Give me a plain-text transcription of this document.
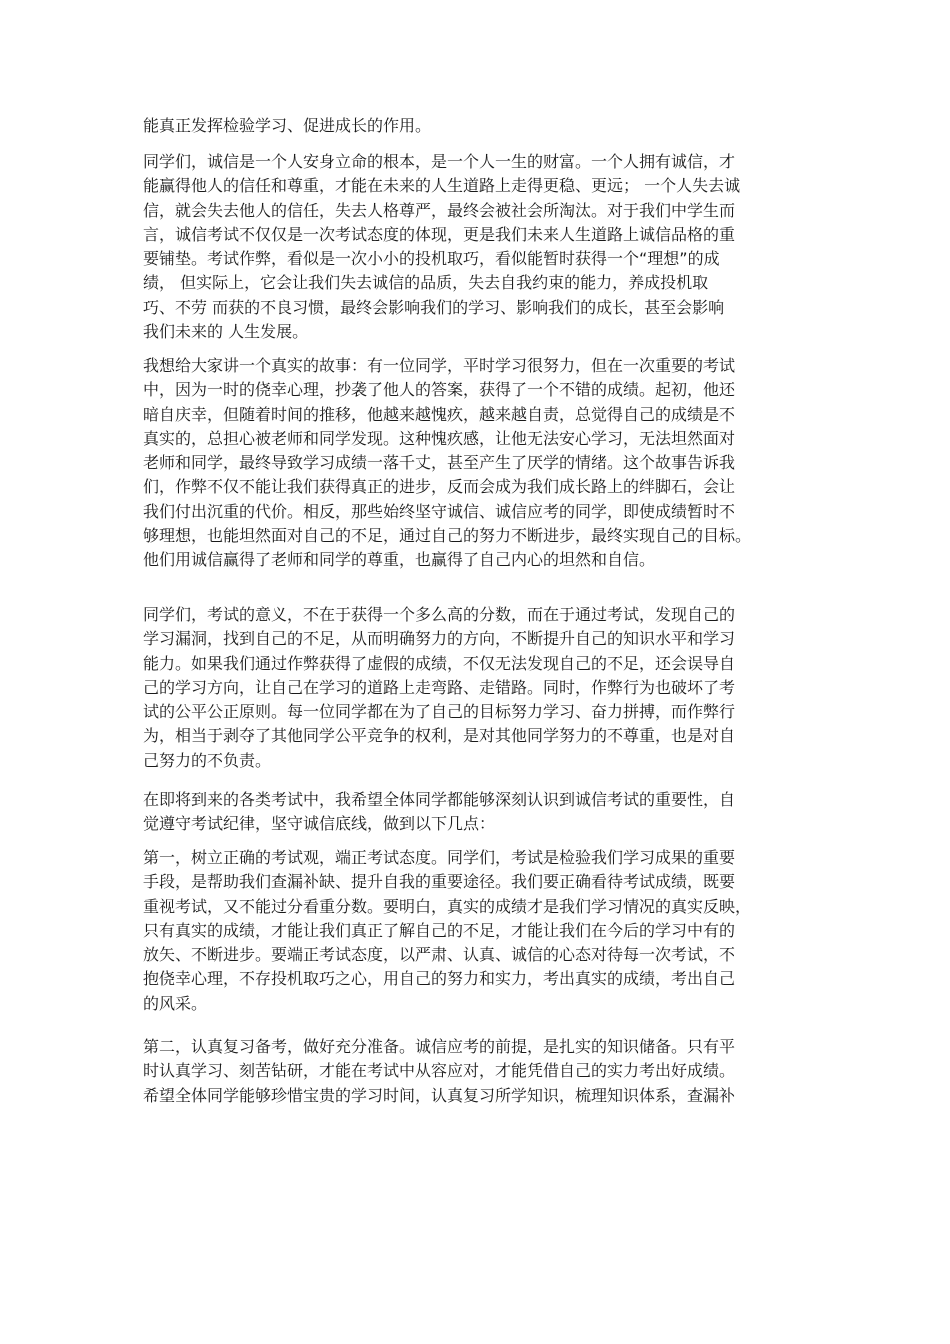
能真正发挥检验学习、促进成长的作用。
同学们，诚信是一个人安身立命的根本，是一个人一生的财富。一个人拥有诚信，才
能赢得他人的信任和尊重，才能在未来的人生道路上走得更稳、更远； 一个人失去诚
信，就会失去他人的信任，失去人格尊严，最终会被社会所淘汰。对于我们中学生而
言，诚信考试不仅仅是一次考试态度的体现，更是我们未来人生道路上诚信品格的重
要铺垫。考试作弊，看似是一次小小的投机取巧，看似能暂时获得一个“理想”的成
绩， 但实际上，它会让我们失去诚信的品质，失去自我约束的能力，养成投机取
巧、不劳 而获的不良习惯，最终会影响我们的学习、影响我们的成长，甚至会影响
我们未来的 人生发展。
我想给大家讲一个真实的故事：有一位同学，平时学习很努力，但在一次重要的考试
中，因为一时的侥幸心理，抄袭了他人的答案，获得了一个不错的成绩。起初，他还
暗自庆幸，但随着时间的推移，他越来越愧疚，越来越自责，总觉得自己的成绩是不
真实的，总担心被老师和同学发现。这种愧疚感，让他无法安心学习，无法坦然面对
老师和同学，最终导致学习成绩一落千丈，甚至产生了厌学的情绪。这个故事告诉我
们，作弊不仅不能让我们获得真正的进步，反而会成为我们成长路上的绊脚石，会让
我们付出沉重的代价。相反，那些始终坚守诚信、诚信应考的同学，即使成绩暂时不
够理想，也能坦然面对自己的不足，通过自己的努力不断进步，最终实现自己的目标。
他们用诚信赢得了老师和同学的尊重，也赢得了自己内心的坦然和自信。
同学们，考试的意义，不在于获得一个多么高的分数，而在于通过考试，发现自己的
学习漏洞，找到自己的不足，从而明确努力的方向，不断提升自己的知识水平和学习
能力。如果我们通过作弊获得了虚假的成绩，不仅无法发现自己的不足，还会误导自
己的学习方向，让自己在学习的道路上走弯路、走错路。同时，作弊行为也破坏了考
试的公平公正原则。每一位同学都在为了自己的目标努力学习、奋力拼搏，而作弊行
为，相当于剥夺了其他同学公平竞争的权利，是对其他同学努力的不尊重，也是对自
己努力的不负责。
在即将到来的各类考试中，我希望全体同学都能够深刻认识到诚信考试的重要性，自
觉遵守考试纪律，坚守诚信底线，做到以下几点：
第一，树立正确的考试观，端正考试态度。同学们，考试是检验我们学习成果的重要
手段，是帮助我们查漏补缺、提升自我的重要途径。我们要正确看待考试成绩，既要
重视考试，又不能过分看重分数。要明白，真实的成绩才是我们学习情况的真实反映，
只有真实的成绩，才能让我们真正了解自己的不足，才能让我们在今后的学习中有的
放矢、不断进步。要端正考试态度，以严肃、认真、诚信的心态对待每一次考试，不
抱侥幸心理，不存投机取巧之心，用自己的努力和实力，考出真实的成绩，考出自己
的风采。
第二，认真复习备考，做好充分准备。诚信应考的前提，是扎实的知识储备。只有平
时认真学习、刻苦钻研，才能在考试中从容应对，才能凭借自己的实力考出好成绩。
希望全体同学能够珍惜宝贵的学习时间，认真复习所学知识，梳理知识体系，查漏补
